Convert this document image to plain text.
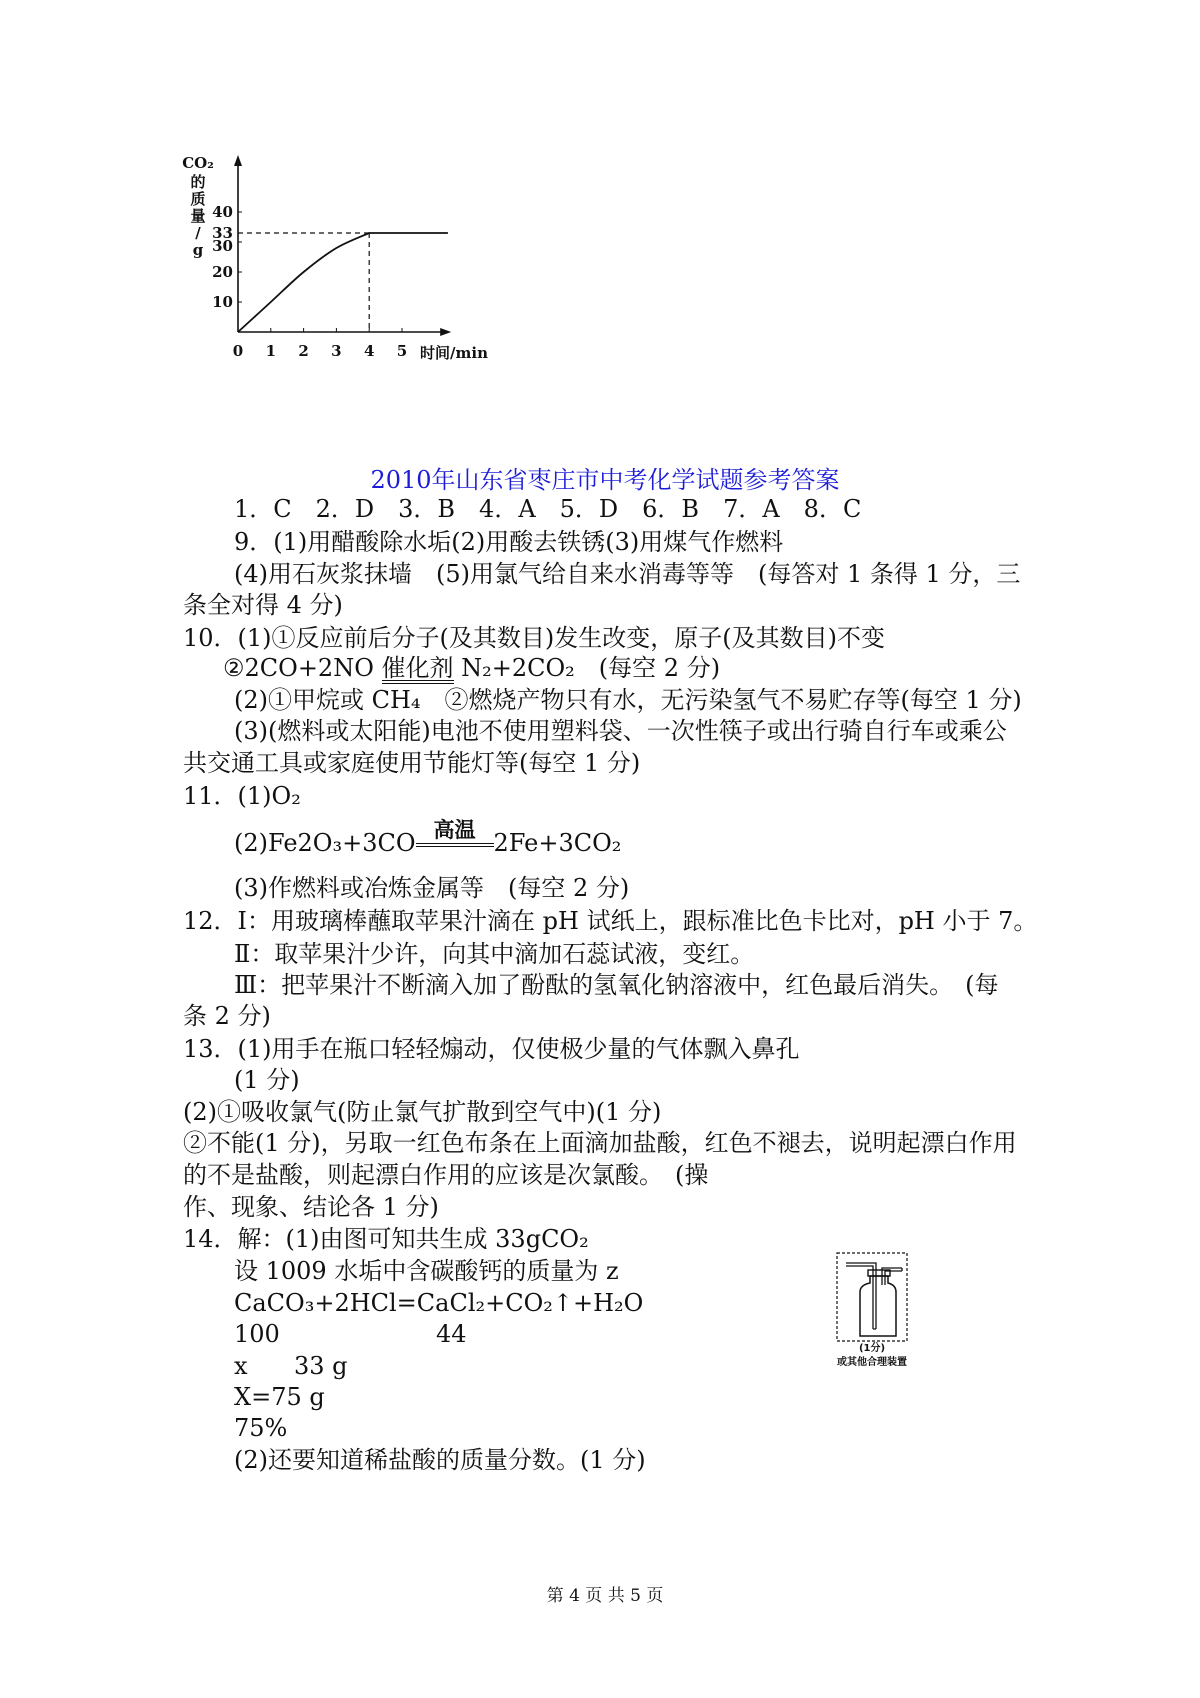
0 1 2 3 4 5
40
33
30
20
10
时间/min
CO₂
的
质
量
/
g
2010年山东省枣庄市中考化学试题参考答案
1．C　2．D　3．B　4．A　5．D　6．B　7．A　8．C
9．(1)用醋酸除水垢(2)用酸去铁锈(3)用煤气作燃料
(4)用石灰浆抹墙　(5)用氯气给自来水消毒等等　(每答对 1 条得 1 分，三
条全对得 4 分)
10．(1)①反应前后分子(及其数目)发生改变，原子(及其数目)不变
②2CO+2NO 催化剂 N₂+2CO₂　(每空 2 分)
(2)①甲烷或 CH₄　②燃烧产物只有水，无污染氢气不易贮存等(每空 1 分)
(3)(燃料或太阳能)电池不使用塑料袋、一次性筷子或出行骑自行车或乘公
共交通工具或家庭使用节能灯等(每空 1 分)
11．(1)O₂
(2)Fe2O₃+3CO 高温 2Fe+3CO₂
(3)作燃料或冶炼金属等　(每空 2 分)
12．Ⅰ：用玻璃棒蘸取苹果汁滴在 pH 试纸上，跟标准比色卡比对，pH 小于 7。
Ⅱ：取苹果汁少许，向其中滴加石蕊试液，变红。
Ⅲ：把苹果汁不断滴入加了酚酞的氢氧化钠溶液中，红色最后消失。　(每
条 2 分)
13．(1)用手在瓶口轻轻煽动，仅使极少量的气体飘入鼻孔
(1 分)
(2)①吸收氯气(防止氯气扩散到空气中)(1 分)
②不能(1 分)，另取一红色布条在上面滴加盐酸，红色不褪去，说明起漂白作用
的不是盐酸，则起漂白作用的应该是次氯酸。　(操
作、现象、结论各 1 分)
14．解：(1)由图可知共生成 33gCO₂
设 1009 水垢中含碳酸钙的质量为 z
CaCO₃+2HCl=CaCl₂+CO₂↑+H₂O
100	44
x 33 g
X=75 g
75%
(2)还要知道稀盐酸的质量分数。(1 分)
(1分)
或其他合理装置
第 4 页 共 5 页
